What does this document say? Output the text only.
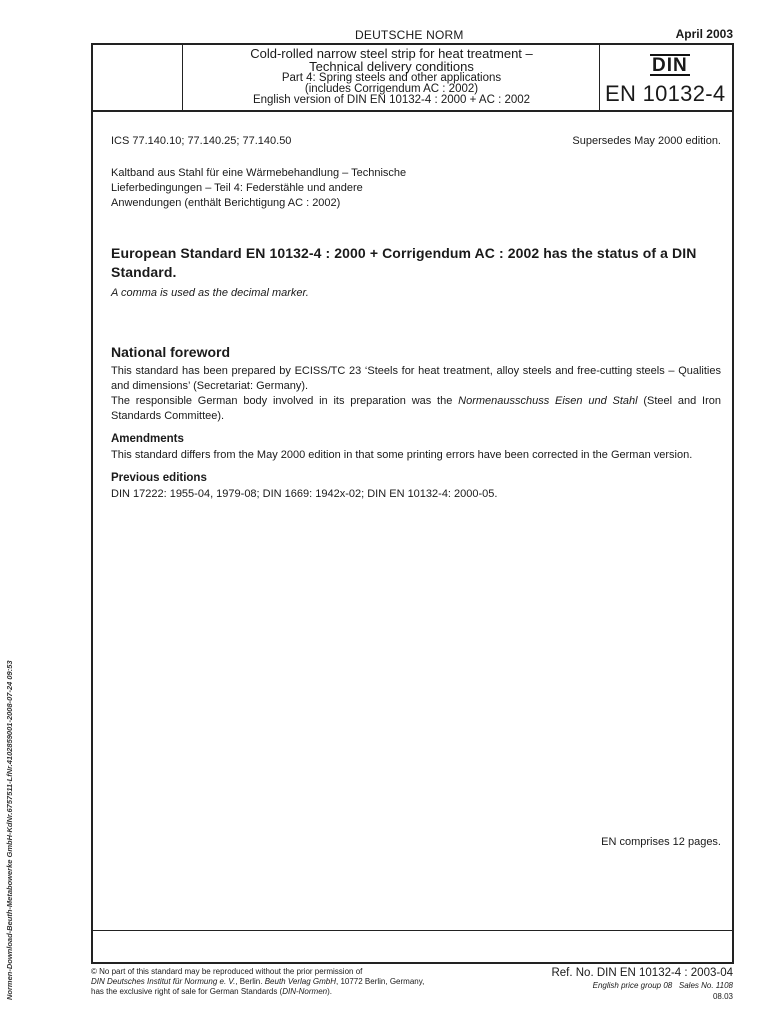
DEUTSCHE NORM	April 2003
Cold-rolled narrow steel strip for heat treatment –
Technical delivery conditions
Part 4: Spring steels and other applications
(includes Corrigendum AC : 2002)
English version of DIN EN 10132-4 : 2000 + AC : 2002
DIN
EN 10132-4
ICS 77.140.10; 77.140.25; 77.140.50	Supersedes May 2000 edition.
Kaltband aus Stahl für eine Wärmebehandlung – Technische
Lieferbedingungen – Teil 4: Federstähle und andere
Anwendungen (enthält Berichtigung AC : 2002)
European Standard EN 10132-4 : 2000 + Corrigendum AC : 2002 has the status of a DIN Standard.
A comma is used as the decimal marker.
National foreword
This standard has been prepared by ECISS/TC 23 ‘Steels for heat treatment, alloy steels and free-cutting steels – Qualities and dimensions’ (Secretariat: Germany).
The responsible German body involved in its preparation was the Normenausschuss Eisen und Stahl (Steel and Iron Standards Committee).
Amendments
This standard differs from the May 2000 edition in that some printing errors have been corrected in the German version.
Previous editions
DIN 17222: 1955-04, 1979-08; DIN 1669: 1942x-02; DIN EN 10132-4: 2000-05.
EN comprises 12 pages.
© No part of this standard may be reproduced without the prior permission of
DIN Deutsches Institut für Normung e. V., Berlin. Beuth Verlag GmbH, 10772 Berlin, Germany,
has the exclusive right of sale for German Standards (DIN-Normen).
Ref. No. DIN EN 10132-4 : 2003-04
English price group 08 Sales No. 1108
08.03
Normen-Download-Beuth-Metabowerke GmbH-KdNr.6757511-LfNr.4102859001-2008-07-24 09:53
